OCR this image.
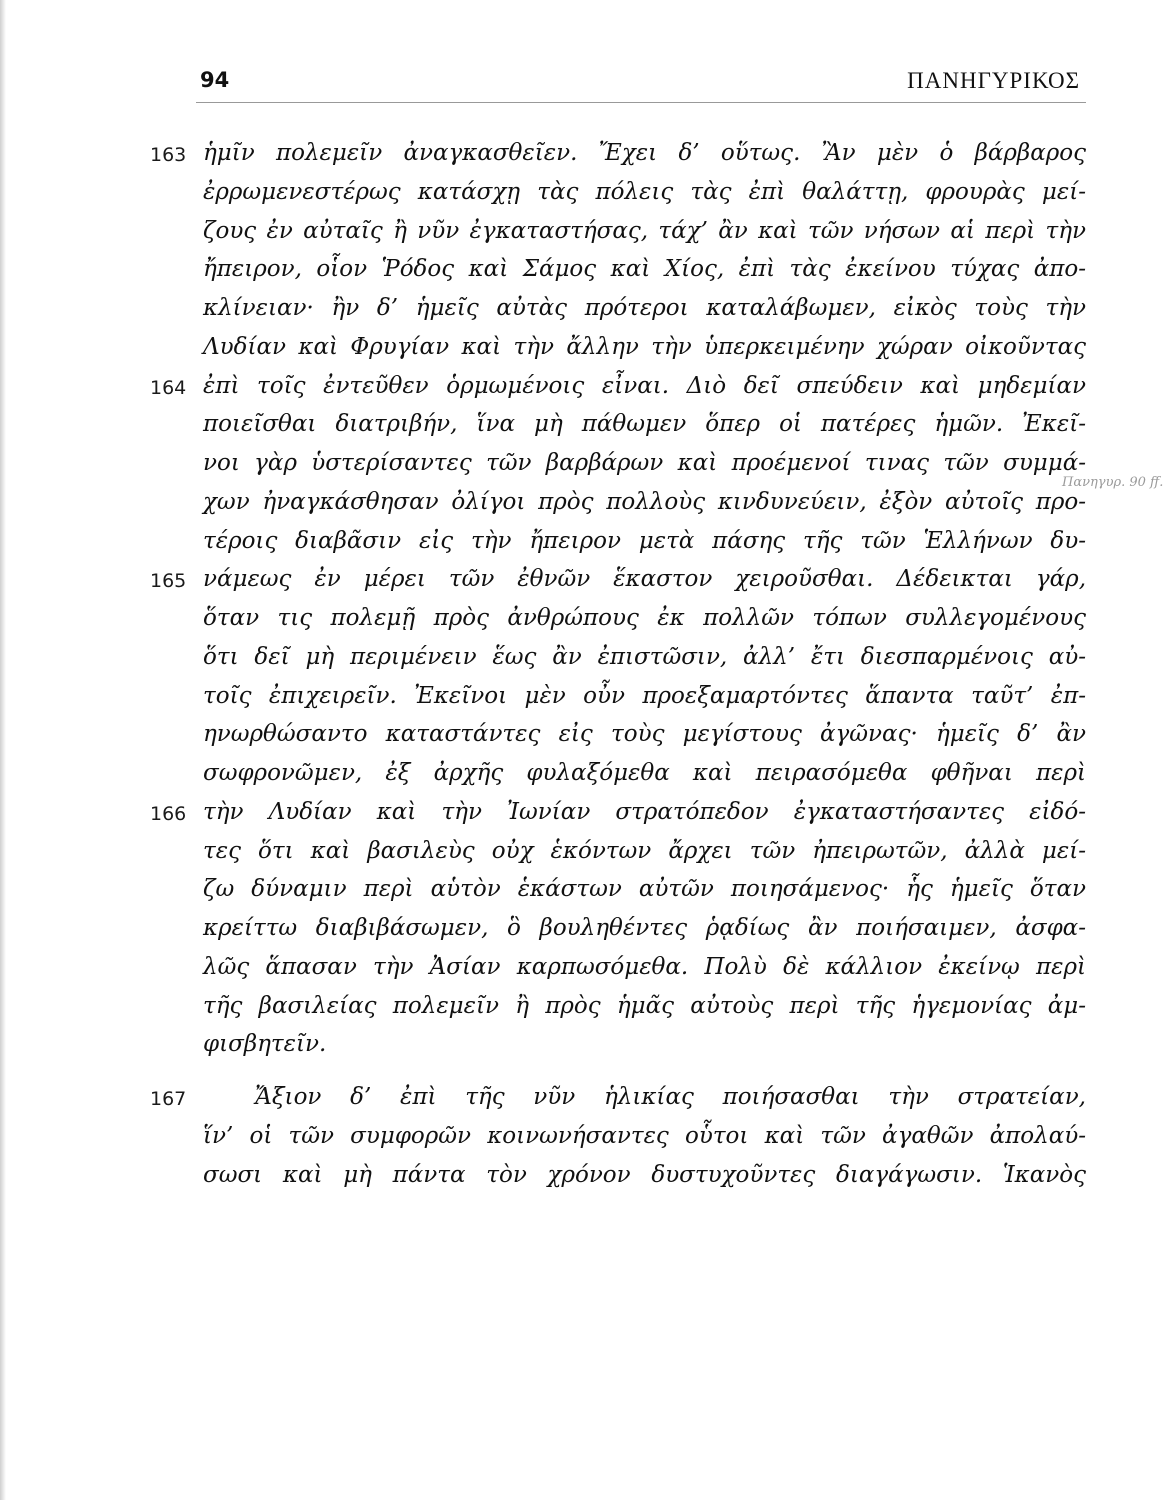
94	ΠΑΝΗΓΥΡΙΚΟΣ
Πανηγυρ. 90 ff.
163 ἡμῖν πολεμεῖν ἀναγκασθεῖεν. Ἔχει δ’ οὕτως. Ἂν μὲν ὁ βάρβαρος
ἐρρωμενεστέρως κατάσχῃ τὰς πόλεις τὰς ἐπὶ θαλάττῃ, φρουρὰς μεί-
ζους ἐν αὐταῖς ἢ νῦν ἐγκαταστήσας, τάχ’ ἂν καὶ τῶν νήσων αἱ περὶ τὴν
ἤπειρον, οἷον Ῥόδος καὶ Σάμος καὶ Χίος, ἐπὶ τὰς ἐκείνου τύχας ἀπο-
κλίνειαν· ἢν δ’ ἡμεῖς αὐτὰς πρότεροι καταλάβωμεν, εἰκὸς τοὺς τὴν
Λυδίαν καὶ Φρυγίαν καὶ τὴν ἄλλην τὴν ὑπερκειμένην χώραν οἰκοῦντας
164 ἐπὶ τοῖς ἐντεῦθεν ὁρμωμένοις εἶναι. Διὸ δεῖ σπεύδειν καὶ μηδεμίαν
ποιεῖσθαι διατριβήν, ἵνα μὴ πάθωμεν ὅπερ οἱ πατέρες ἡμῶν. Ἐκεῖ-
νοι γὰρ ὑστερίσαντες τῶν βαρβάρων καὶ προέμενοί τινας τῶν συμμά-
χων ἠναγκάσθησαν ὀλίγοι πρὸς πολλοὺς κινδυνεύειν, ἐξὸν αὐτοῖς προ-
τέροις διαβᾶσιν εἰς τὴν ἤπειρον μετὰ πάσης τῆς τῶν Ἑλλήνων δυ-
165 νάμεως ἐν μέρει τῶν ἐθνῶν ἕκαστον χειροῦσθαι. Δέδεικται γάρ,
ὅταν τις πολεμῇ πρὸς ἀνθρώπους ἐκ πολλῶν τόπων συλλεγομένους
ὅτι δεῖ μὴ περιμένειν ἕως ἂν ἐπιστῶσιν, ἀλλ’ ἔτι διεσπαρμένοις αὐ-
τοῖς ἐπιχειρεῖν. Ἐκεῖνοι μὲν οὖν προεξαμαρτόντες ἅπαντα ταῦτ’ ἐπ-
ηνωρθώσαντο καταστάντες εἰς τοὺς μεγίστους ἀγῶνας· ἡμεῖς δ’ ἂν
σωφρονῶμεν, ἐξ ἀρχῆς φυλαξόμεθα καὶ πειρασόμεθα φθῆναι περὶ
166 τὴν Λυδίαν καὶ τὴν Ἰωνίαν στρατόπεδον ἐγκαταστήσαντες εἰδό-
τες ὅτι καὶ βασιλεὺς οὐχ ἑκόντων ἄρχει τῶν ἠπειρωτῶν, ἀλλὰ μεί-
ζω δύναμιν περὶ αὑτὸν ἑκάστων αὐτῶν ποιησάμενος· ἧς ἡμεῖς ὅταν
κρείττω διαβιβάσωμεν, ὃ βουληθέντες ῥᾳδίως ἂν ποιήσαιμεν, ἀσφα-
λῶς ἅπασαν τὴν Ἀσίαν καρπωσόμεθα. Πολὺ δὲ κάλλιον ἐκείνῳ περὶ
τῆς βασιλείας πολεμεῖν ἢ πρὸς ἡμᾶς αὐτοὺς περὶ τῆς ἡγεμονίας ἀμ-
φισβητεῖν.
167	Ἄξιον δ’ ἐπὶ τῆς νῦν ἡλικίας ποιήσασθαι τὴν στρατείαν,
ἵν’ οἱ τῶν συμφορῶν κοινωνήσαντες οὗτοι καὶ τῶν ἀγαθῶν ἀπολαύ-
σωσι καὶ μὴ πάντα τὸν χρόνον δυστυχοῦντες διαγάγωσιν. Ἱκανὸς
